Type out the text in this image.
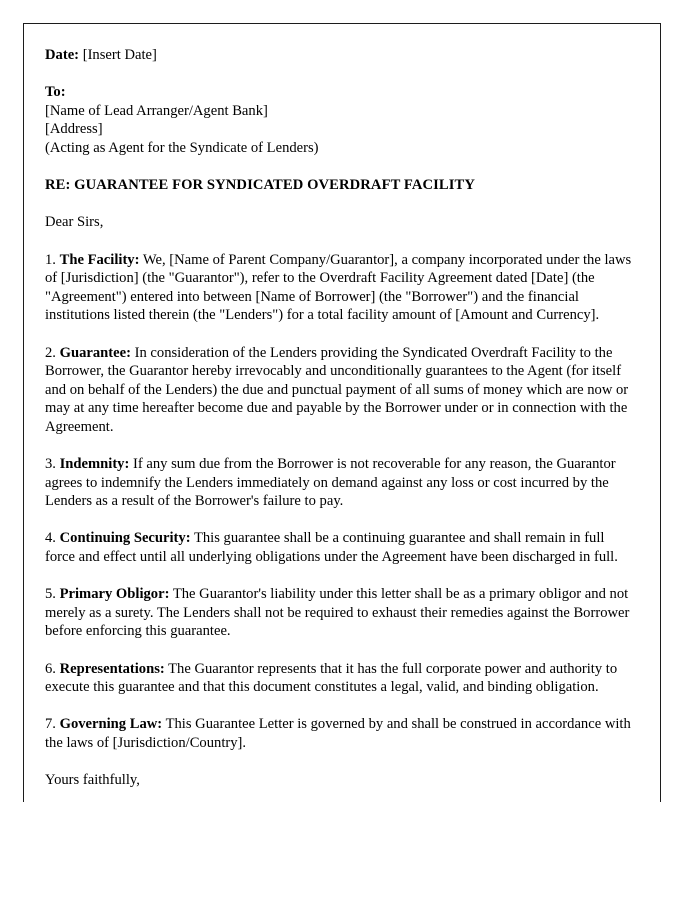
Date: [Insert Date]

To:

[Name of Lead Arranger/Agent Bank]

[Address]

(Acting as Agent for the Syndicate of Lenders)

RE: GUARANTEE FOR SYNDICATED OVERDRAFT FACILITY

Dear Sirs,

1. The Facility: We, [Name of Parent Company/Guarantor], a company incorporated under the laws of [Jurisdiction] (the "Guarantor"), refer to the Overdraft Facility Agreement dated [Date] (the "Agreement") entered into between [Name of Borrower] (the "Borrower") and the financial institutions listed therein (the "Lenders") for a total facility amount of [Amount and Currency].

2. Guarantee: In consideration of the Lenders providing the Syndicated Overdraft Facility to the Borrower, the Guarantor hereby irrevocably and unconditionally guarantees to the Agent (for itself and on behalf of the Lenders) the due and punctual payment of all sums of money which are now or may at any time hereafter become due and payable by the Borrower under or in connection with the Agreement.

3. Indemnity: If any sum due from the Borrower is not recoverable for any reason, the Guarantor agrees to indemnify the Lenders immediately on demand against any loss or cost incurred by the Lenders as a result of the Borrower's failure to pay.

4. Continuing Security: This guarantee shall be a continuing guarantee and shall remain in full force and effect until all underlying obligations under the Agreement have been discharged in full.

5. Primary Obligor: The Guarantor's liability under this letter shall be as a primary obligor and not merely as a surety. The Lenders shall not be required to exhaust their remedies against the Borrower before enforcing this guarantee.

6. Representations: The Guarantor represents that it has the full corporate power and authority to execute this guarantee and that this document constitutes a legal, valid, and binding obligation.

7. Governing Law: This Guarantee Letter is governed by and shall be construed in accordance with the laws of [Jurisdiction/Country].

Yours faithfully,
